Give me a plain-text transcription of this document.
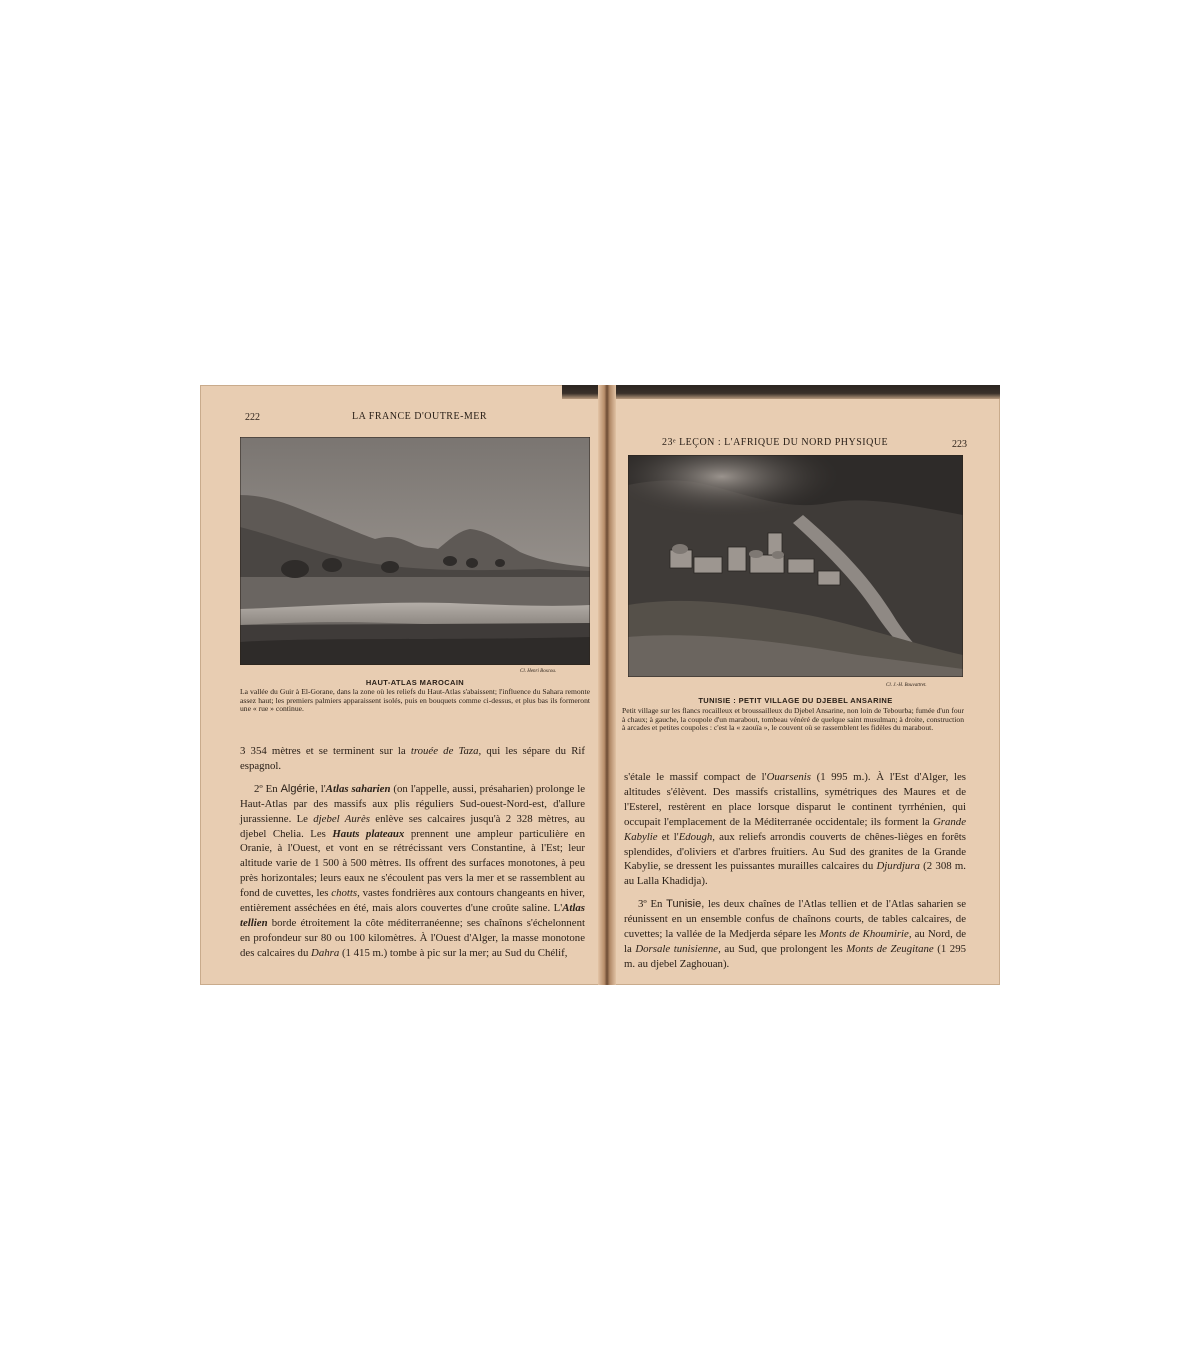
222	LA FRANCE D'OUTRE-MER
Cl. Henri Boscou.
HAUT-ATLAS MAROCAIN

La vallée du Guir à El-Gorane, dans la zone où les reliefs du Haut-Atlas s'abaissent; l'influence du Sahara remonte assez haut; les premiers palmiers apparaissent isolés, puis en bouquets comme ci-dessus, et plus bas ils formeront une « rue » continue.

3 354 mètres et se terminent sur la trouée de Taza, qui les sépare du Rif espagnol.

2º En Algérie, l'Atlas saharien (on l'appelle, aussi, présaharien) prolonge le Haut-Atlas par des massifs aux plis réguliers Sud-ouest-Nord-est, d'allure jurassienne. Le djebel Aurès enlève ses calcaires jusqu'à 2 328 mètres, au djebel Chelia. Les Hauts plateaux prennent une ampleur particulière en Oranie, à l'Ouest, et vont en se rétrécissant vers Constantine, à l'Est; leur altitude varie de 1 500 à 500 mètres. Ils offrent des surfaces monotones, à peu près horizontales; leurs eaux ne s'écoulent pas vers la mer et se rassemblent au fond de cuvettes, les chotts, vastes fondrières aux contours changeants en hiver, entièrement asséchées en été, mais alors couvertes d'une croûte saline. L'Atlas tellien borde étroitement la côte méditerranéenne; ses chaînons s'échelonnent en profondeur sur 80 ou 100 kilomètres. À l'Ouest d'Alger, la masse monotone des calcaires du Dahra (1 415 m.) tombe à pic sur la mer; au Sud du Chélif,

23ᵉ LEÇON : L'AFRIQUE DU NORD PHYSIQUE	223
Cl. J.-H. Bouvattret.
TUNISIE : PETIT VILLAGE DU DJEBEL ANSARINE

Petit village sur les flancs rocailleux et broussailleux du Djebel Ansarine, non loin de Tebourba; fumée d'un four à chaux; à gauche, la coupole d'un marabout, tombeau vénéré de quelque saint musulman; à droite, construction à arcades et petites coupoles : c'est la « zaouïa », le couvent où se rassemblent les fidèles du marabout.

s'étale le massif compact de l'Ouarsenis (1 995 m.). À l'Est d'Alger, les altitudes s'élèvent. Des massifs cristallins, symétriques des Maures et de l'Esterel, restèrent en place lorsque disparut le continent tyrrhénien, qui occupait l'emplacement de la Méditerranée occidentale; ils forment la Grande Kabylie et l'Edough, aux reliefs arrondis couverts de chênes-lièges en forêts splendides, d'oliviers et d'arbres fruitiers. Au Sud des granites de la Grande Kabylie, se dressent les puissantes murailles calcaires du Djurdjura (2 308 m. au Lalla Khadidja).

3º En Tunisie, les deux chaînes de l'Atlas tellien et de l'Atlas saharien se réunissent en un ensemble confus de chaînons courts, de tables calcaires, de cuvettes; la vallée de la Medjerda sépare les Monts de Khoumirie, au Nord, de la Dorsale tunisienne, au Sud, que prolongent les Monts de Zeugitane (1 295 m. au djebel Zaghouan).
